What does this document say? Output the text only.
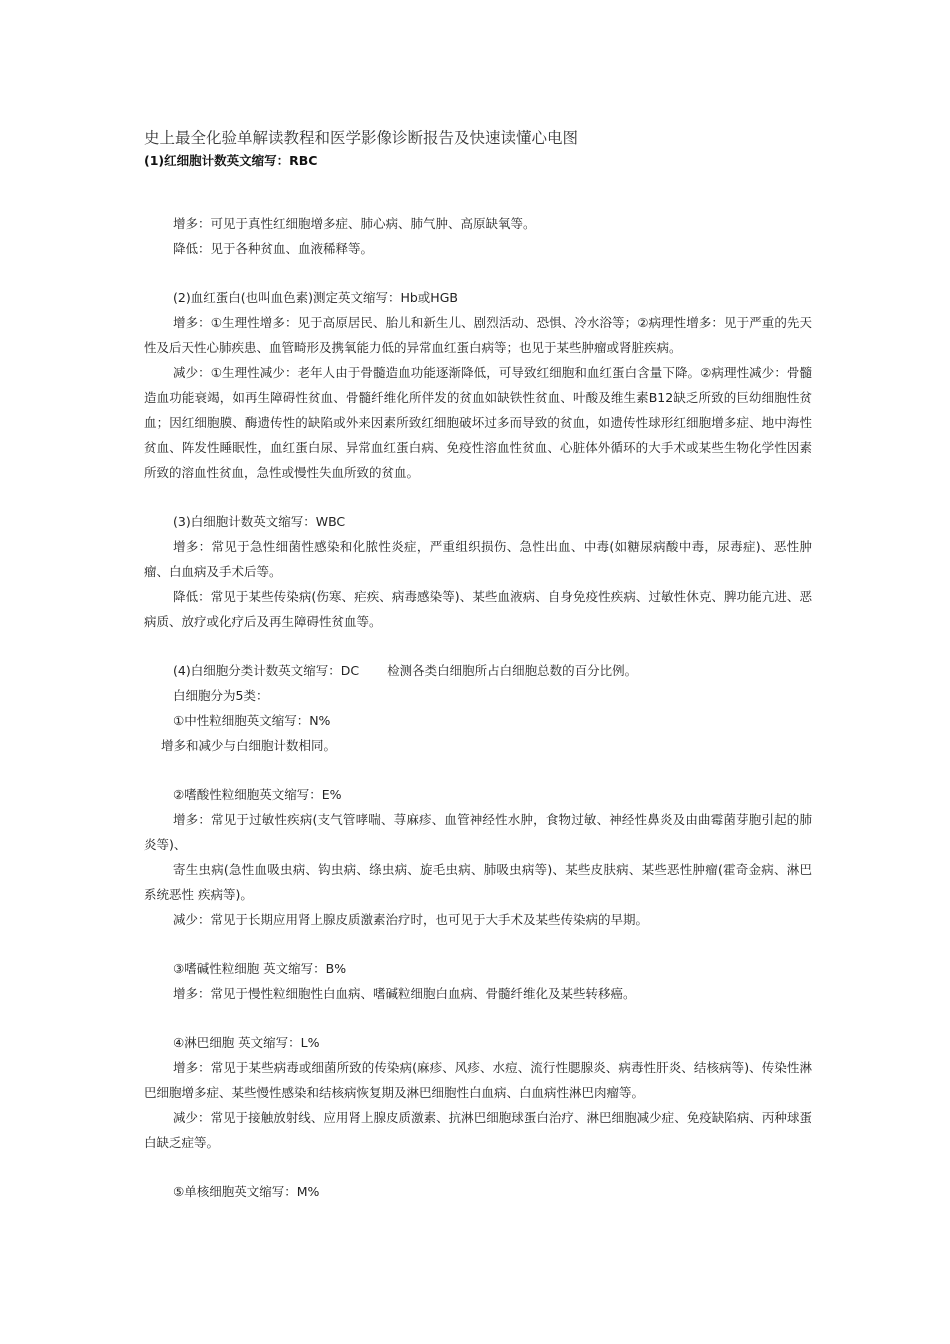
史上最全化验单解读教程和医学影像诊断报告及快速读懂心电图

(1)红细胞计数英文缩写：RBC

增多：可见于真性红细胞增多症、肺心病、肺气肿、高原缺氧等。

降低：见于各种贫血、血液稀释等。

(2)血红蛋白(也叫血色素)测定英文缩写：Hb或HGB

增多：①生理性增多：见于高原居民、胎儿和新生儿、剧烈活动、恐惧、冷水浴等；②病理性增多：见于严重的先天性及后天性心肺疾患、血管畸形及携氧能力低的异常血红蛋白病等；也见于某些肿瘤或肾脏疾病。

减少：①生理性减少：老年人由于骨髓造血功能逐渐降低，可导致红细胞和血红蛋白含量下降。②病理性减少：骨髓造血功能衰竭，如再生障碍性贫血、骨髓纤维化所伴发的贫血如缺铁性贫血、叶酸及维生素B12缺乏所致的巨幼细胞性贫血；因红细胞膜、酶遗传性的缺陷或外来因素所致红细胞破坏过多而导致的贫血，如遗传性球形红细胞增多症、地中海性贫血、阵发性睡眠性，血红蛋白尿、异常血红蛋白病、免疫性溶血性贫血、心脏体外循环的大手术或某些生物化学性因素所致的溶血性贫血，急性或慢性失血所致的贫血。

(3)白细胞计数英文缩写：WBC

增多：常见于急性细菌性感染和化脓性炎症，严重组织损伤、急性出血、中毒(如糖尿病酸中毒，尿毒症)、恶性肿瘤、白血病及手术后等。

降低：常见于某些传染病(伤寒、疟疾、病毒感染等)、某些血液病、自身免疫性疾病、过敏性休克、脾功能亢进、恶病质、放疗或化疗后及再生障碍性贫血等。

(4)白细胞分类计数英文缩写：DC 检测各类白细胞所占白细胞总数的百分比例。

白细胞分为5类：

①中性粒细胞英文缩写：N%

增多和减少与白细胞计数相同。

②嗜酸性粒细胞英文缩写：E%

增多：常见于过敏性疾病(支气管哮喘、荨麻疹、血管神经性水肿，食物过敏、神经性鼻炎及由曲霉菌芽胞引起的肺炎等)、

寄生虫病(急性血吸虫病、钩虫病、绦虫病、旋毛虫病、肺吸虫病等)、某些皮肤病、某些恶性肿瘤(霍奇金病、淋巴系统恶性 疾病等)。

减少：常见于长期应用肾上腺皮质激素治疗时，也可见于大手术及某些传染病的早期。

③嗜碱性粒细胞 英文缩写：B%

增多：常见于慢性粒细胞性白血病、嗜碱粒细胞白血病、骨髓纤维化及某些转移癌。

④淋巴细胞 英文缩写：L%

增多：常见于某些病毒或细菌所致的传染病(麻疹、风疹、水痘、流行性腮腺炎、病毒性肝炎、结核病等)、传染性淋巴细胞增多症、某些慢性感染和结核病恢复期及淋巴细胞性白血病、白血病性淋巴肉瘤等。

减少：常见于接触放射线、应用肾上腺皮质激素、抗淋巴细胞球蛋白治疗、淋巴细胞减少症、免疫缺陷病、丙种球蛋白缺乏症等。

⑤单核细胞英文缩写：M%
